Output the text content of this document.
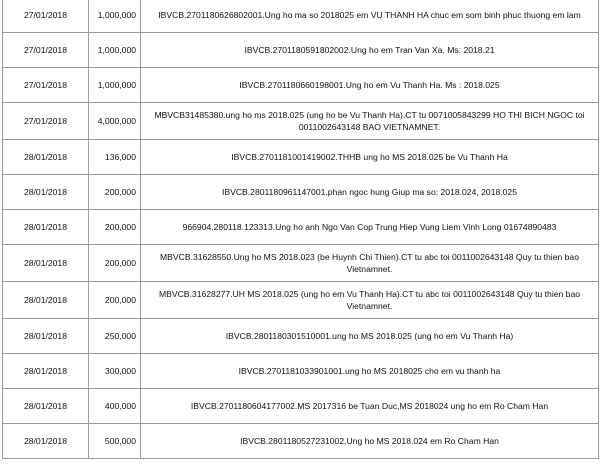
27/01/2018	1,000,000	IBVCB.2701180626802001.Ung ho ma so 2018025 em VU THANH HA chuc em som binh phuc thuong em lam
27/01/2018	1,000,000	IBVCB.2701180591802002.Ung ho em Tran Van Xa. Ms: 2018.21
27/01/2018	1,000,000	IBVCB.2701180660198001.Ung ho em Vu Thanh Ha. Ms : 2018.025
27/01/2018	4,000,000	MBVCB31485380.ung ho ms 2018.025 (ung ho be Vu Thanh Ha).CT tu 0071005843299 HO THI BICH NGOC toi 0011002643148 BAO VIETNAMNET.
28/01/2018	136,000	IBVCB.2701181001419002.THHB ung ho MS 2018.025 be Vu Thanh Ha
28/01/2018	200,000	IBVCB.2801180961147001.phan ngoc hung Giup ma so: 2018.024, 2018.025
28/01/2018	200,000	966904.280118.123313.Ung ho anh Ngo Van Cop Trung Hiep Vung Liem Vinh Long 01674890483
28/01/2018	200,000	MBVCB.31628550.Ung ho MS 2018.023 (be Huynh Chi Thien).CT tu abc toi 0011002643148 Quy tu thien bao Vietnamnet.
28/01/2018	200,000	MBVCB.31628277.UH MS 2018.025 (ung ho em Vu Thanh Ha).CT tu abc toi 0011002643148 Quy tu thien bao Vietnamnet.
28/01/2018	250,000	IBVCB.2801180301510001.ung ho MS 2018.025 (ung ho em Vu Thanh Ha)
28/01/2018	300,000	IBVCB.2701181033901001.ung ho MS 2018025 cho em vu thanh ha
28/01/2018	400,000	IBVCB.2701180604177002.MS 2017316 be Tuan Duc,MS 2018024 ung ho em Ro Cham Han
28/01/2018	500,000	IBVCB.2801180527231002.Ung ho MS 2018.024 em Ro Cham Han
